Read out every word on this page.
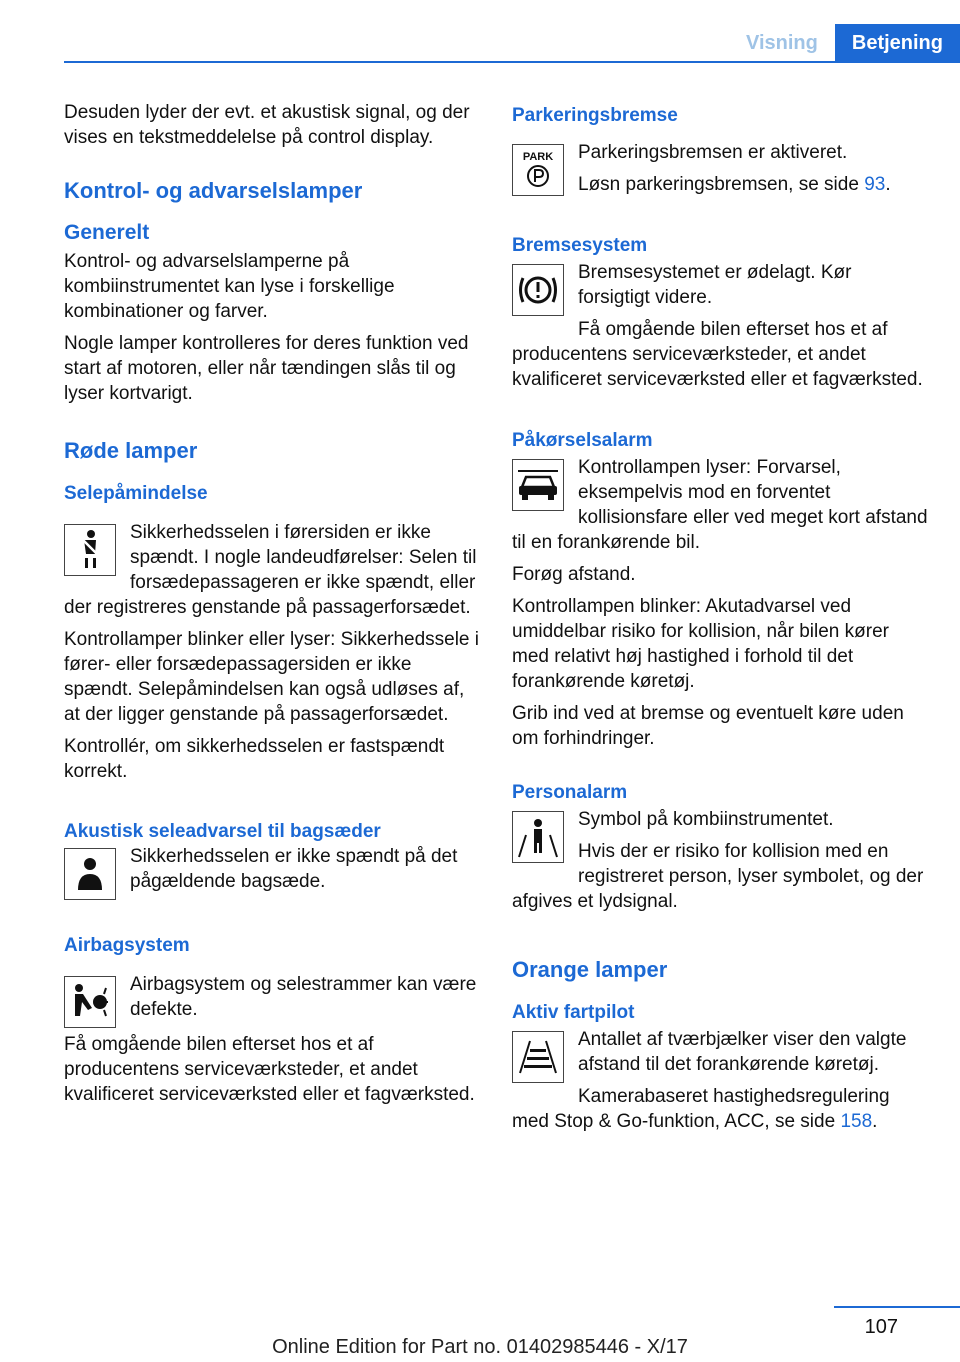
Visning	Betjening

Desuden lyder der evt. et akustisk signal, og der vises en tekstmeddelelse på control display.

Kontrol- og advarselslamper
Generelt

Kontrol- og advarselslamperne på kombiinstrumentet kan lyse i forskellige kombinationer og farver.

Nogle lamper kontrolleres for deres funktion ved start af motoren, eller når tændingen slås til og lyser kortvarigt.

Røde lamper
Selepåmindelse

Sikkerhedsselen i førersiden er ikke spændt. I nogle landeudførelser: Selen til forsædepassageren er ikke spændt, eller der registreres genstande på passagerforsædet.

Kontrollamper blinker eller lyser: Sikkerhedssele i fører- eller forsædepassagersiden er ikke spændt. Selepåmindelsen kan også udløses af, at der ligger genstande på passagerforsædet.

Kontrollér, om sikkerhedsselen er fastspændt korrekt.

Akustisk seleadvarsel til bagsæder

Sikkerhedsselen er ikke spændt på det pågældende bagsæde.

Airbagsystem

Airbagsystem og selestrammer kan være defekte.

Få omgående bilen efterset hos et af producentens serviceværksteder, et andet kvalificeret serviceværksted eller et fagværksted.

Parkeringsbremse
PARK	Parkeringsbremsen er aktiveret.

Løsn parkeringsbremsen, se side 93.

Bremsesystem

Bremsesystemet er ødelagt. Kør forsigtigt videre.

Få omgående bilen efterset hos et af producentens serviceværksteder, et andet kvalificeret serviceværksted eller et fagværksted.

Påkørselsalarm

Kontrollampen lyser: Forvarsel, eksempelvis mod en forventet kollisionsfare eller ved meget kort afstand til en forankørende bil.

Forøg afstand.

Kontrollampen blinker: Akutadvarsel ved umiddelbar risiko for kollision, når bilen kører med relativt høj hastighed i forhold til det forankørende køretøj.

Grib ind ved at bremse og eventuelt køre uden om forhindringer.

Personalarm

Symbol på kombiinstrumentet.

Hvis der er risiko for kollision med en registreret person, lyser symbolet, og der afgives et lydsignal.

Orange lamper
Aktiv fartpilot

Antallet af tværbjælker viser den valgte afstand til det forankørende køretøj.

Kamerabaseret hastighedsregulering med Stop & Go-funktion, ACC, se side 158.

107
Online Edition for Part no. 01402985446 - X/17
